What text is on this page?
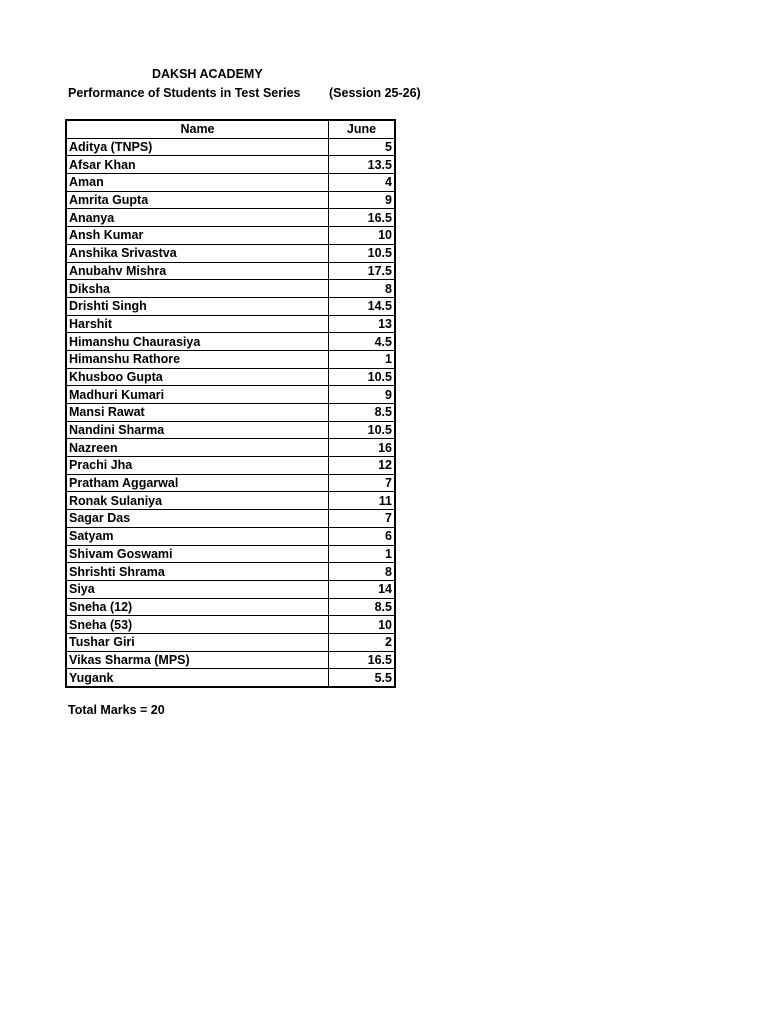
DAKSH ACADEMY
Performance of Students in Test Series (Session 25-26)
Name	June
Aditya (TNPS)	5
Afsar Khan	13.5
Aman	4
Amrita Gupta	9
Ananya	16.5
Ansh Kumar	10
Anshika Srivastva	10.5
Anubahv Mishra	17.5
Diksha	8
Drishti Singh	14.5
Harshit	13
Himanshu Chaurasiya	4.5
Himanshu Rathore	1
Khusboo Gupta	10.5
Madhuri Kumari	9
Mansi Rawat	8.5
Nandini Sharma	10.5
Nazreen	16
Prachi Jha	12
Pratham Aggarwal	7
Ronak Sulaniya	11
Sagar Das	7
Satyam	6
Shivam Goswami	1
Shrishti Shrama	8
Siya	14
Sneha (12)	8.5
Sneha (53)	10
Tushar Giri	2
Vikas Sharma (MPS)	16.5
Yugank	5.5
Total Marks = 20
